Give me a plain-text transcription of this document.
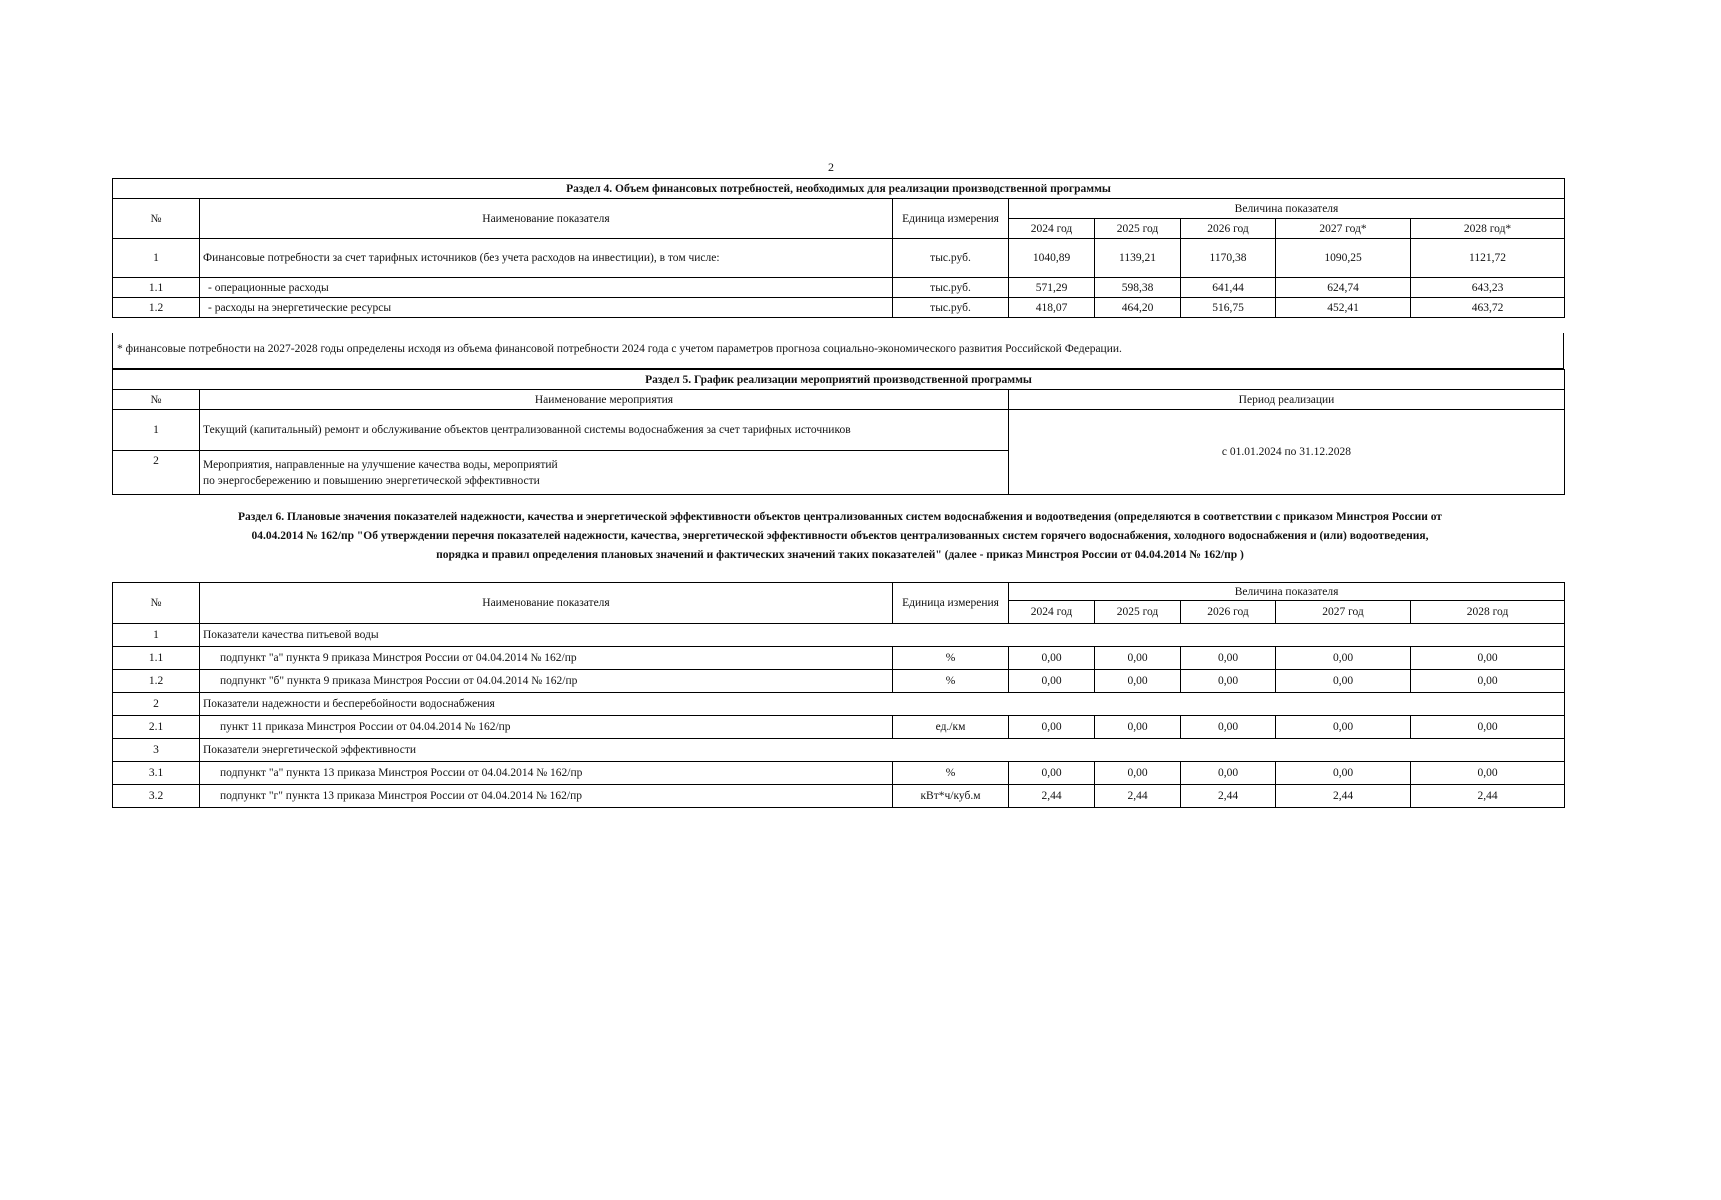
2
Раздел 4. Объем финансовых потребностей, необходимых для реализации производственной программы							
№	Наименование показателя	Единица измерения	Величина показателя				
			2024 год	2025 год	2026 год	2027 год*	2028 год*
1	Финансовые потребности за счет тарифных источников (без учета расходов на инвестиции), в том числе:	тыс.руб.	1040,89	1139,21	1170,38	1090,25	1121,72
1.1	- операционные расходы	тыс.руб.	571,29	598,38	641,44	624,74	643,23
1.2	- расходы на энергетические ресурсы	тыс.руб.	418,07	464,20	516,75	452,41	463,72
* финансовые потребности на 2027-2028 годы определены исходя из объема финансовой потребности 2024 года с учетом параметров прогноза социально-экономического развития Российской Федерации.
Раздел 5. График реализации мероприятий производственной программы		
№	Наименование мероприятия	Период реализации
1	Текущий (капитальный) ремонт и обслуживание объектов централизованной системы водоснабжения за счет тарифных источников	с 01.01.2024 по 31.12.2028
2	Мероприятия, направленные на улучшение качества воды, мероприятий
по энергосбережению и повышению энергетической эффективности	
Раздел 6. Плановые значения показателей надежности, качества и энергетической эффективности объектов централизованных систем водоснабжения и водоотведения (определяются в соответствии с приказом Минстроя России от
04.04.2014 № 162/пр "Об утверждении перечня показателей надежности, качества, энергетической эффективности объектов централизованных систем горячего водоснабжения, холодного водоснабжения и (или) водоотведения,
порядка и правил определения плановых значений и фактических значений таких показателей" (далее - приказ Минстроя России от 04.04.2014 № 162/пр )
№	Наименование показателя	Единица измерения	Величина показателя				
			2024 год	2025 год	2026 год	2027 год	2028 год
1	Показатели качества питьевой воды						
1.1	подпункт "а" пункта 9 приказа Минстроя России от 04.04.2014 № 162/пр	%	0,00	0,00	0,00	0,00	0,00
1.2	подпункт "б" пункта 9 приказа Минстроя России от 04.04.2014 № 162/пр	%	0,00	0,00	0,00	0,00	0,00
2	Показатели надежности и бесперебойности водоснабжения						
2.1	пункт 11 приказа Минстроя России от 04.04.2014 № 162/пр	ед./км	0,00	0,00	0,00	0,00	0,00
3	Показатели энергетической эффективности						
3.1	подпункт "а" пункта 13 приказа Минстроя России от 04.04.2014 № 162/пр	%	0,00	0,00	0,00	0,00	0,00
3.2	подпункт "г" пункта 13 приказа Минстроя России от 04.04.2014 № 162/пр	кВт*ч/куб.м	2,44	2,44	2,44	2,44	2,44
